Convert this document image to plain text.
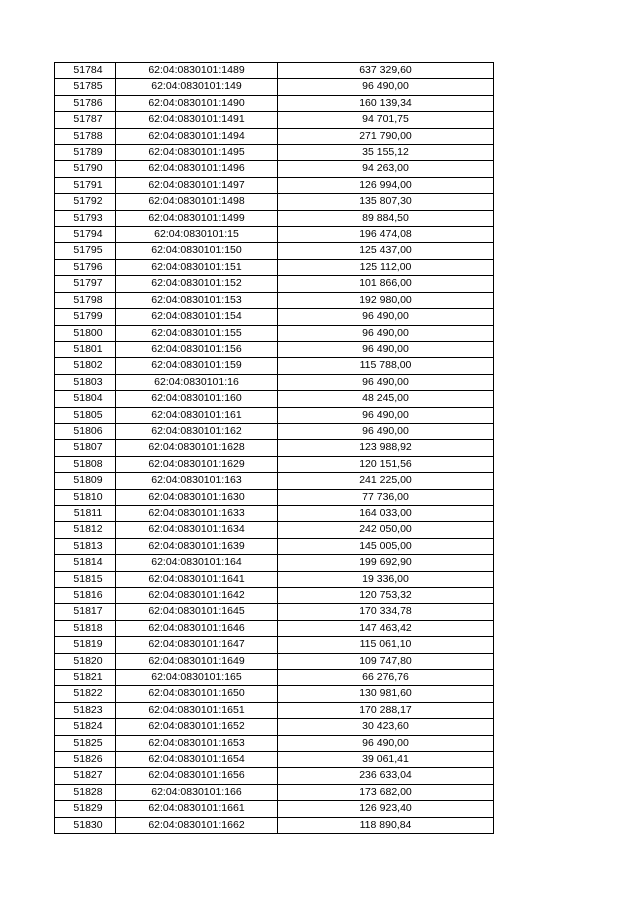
51784	62:04:0830101:1489	637 329,60
51785	62:04:0830101:149	96 490,00
51786	62:04:0830101:1490	160 139,34
51787	62:04:0830101:1491	94 701,75
51788	62:04:0830101:1494	271 790,00
51789	62:04:0830101:1495	35 155,12
51790	62:04:0830101:1496	94 263,00
51791	62:04:0830101:1497	126 994,00
51792	62:04:0830101:1498	135 807,30
51793	62:04:0830101:1499	89 884,50
51794	62:04:0830101:15	196 474,08
51795	62:04:0830101:150	125 437,00
51796	62:04:0830101:151	125 112,00
51797	62:04:0830101:152	101 866,00
51798	62:04:0830101:153	192 980,00
51799	62:04:0830101:154	96 490,00
51800	62:04:0830101:155	96 490,00
51801	62:04:0830101:156	96 490,00
51802	62:04:0830101:159	115 788,00
51803	62:04:0830101:16	96 490,00
51804	62:04:0830101:160	48 245,00
51805	62:04:0830101:161	96 490,00
51806	62:04:0830101:162	96 490,00
51807	62:04:0830101:1628	123 988,92
51808	62:04:0830101:1629	120 151,56
51809	62:04:0830101:163	241 225,00
51810	62:04:0830101:1630	77 736,00
51811	62:04:0830101:1633	164 033,00
51812	62:04:0830101:1634	242 050,00
51813	62:04:0830101:1639	145 005,00
51814	62:04:0830101:164	199 692,90
51815	62:04:0830101:1641	19 336,00
51816	62:04:0830101:1642	120 753,32
51817	62:04:0830101:1645	170 334,78
51818	62:04:0830101:1646	147 463,42
51819	62:04:0830101:1647	115 061,10
51820	62:04:0830101:1649	109 747,80
51821	62:04:0830101:165	66 276,76
51822	62:04:0830101:1650	130 981,60
51823	62:04:0830101:1651	170 288,17
51824	62:04:0830101:1652	30 423,60
51825	62:04:0830101:1653	96 490,00
51826	62:04:0830101:1654	39 061,41
51827	62:04:0830101:1656	236 633,04
51828	62:04:0830101:166	173 682,00
51829	62:04:0830101:1661	126 923,40
51830	62:04:0830101:1662	118 890,84
